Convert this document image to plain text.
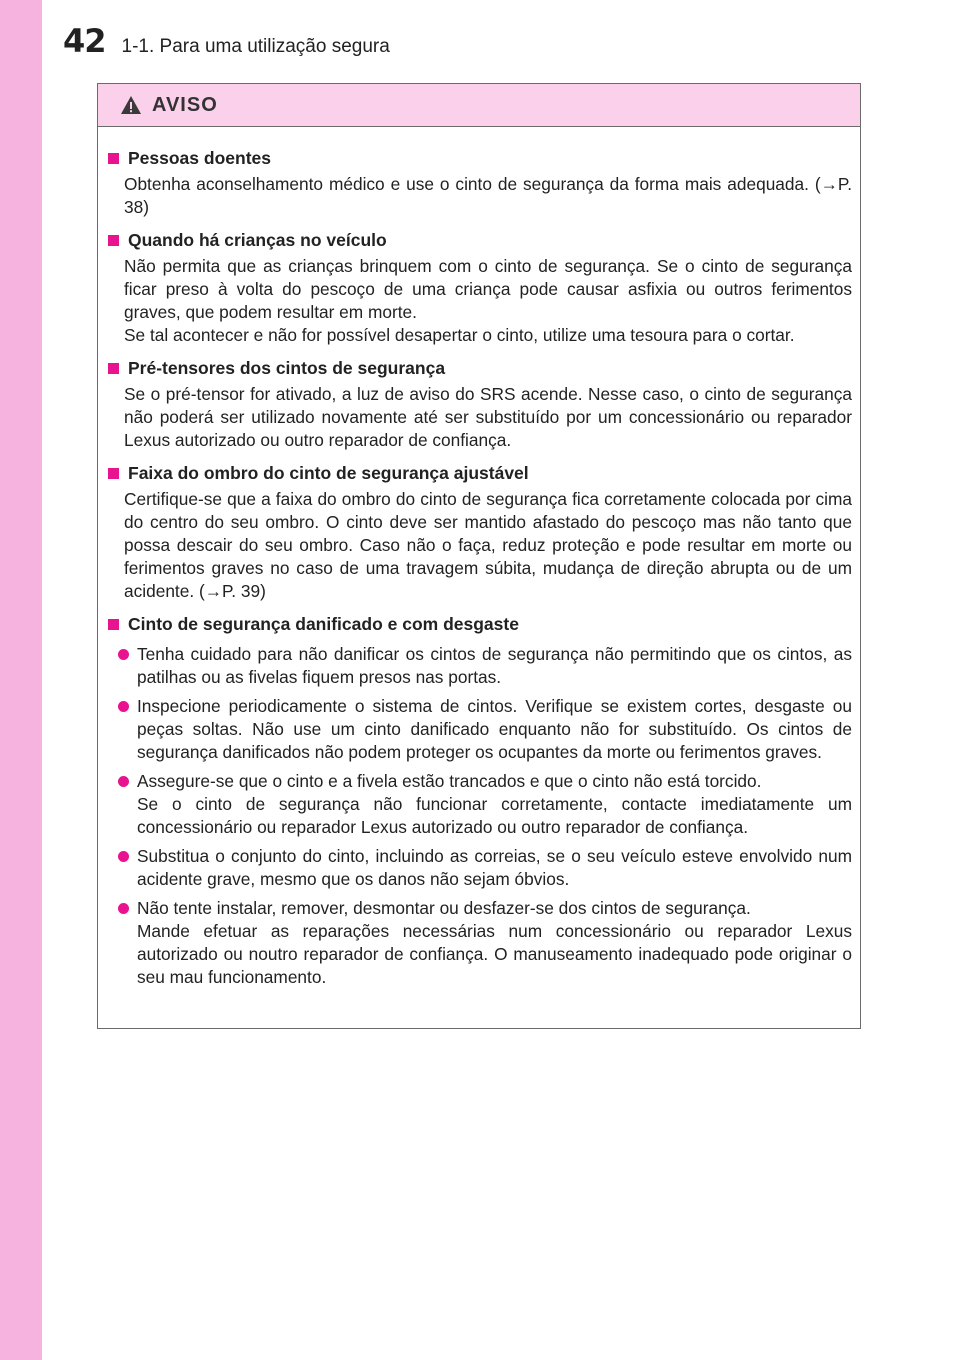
42 1-1. Para uma utilização segura
AVISO
Pessoas doentes
Obtenha aconselhamento médico e use o cinto de segurança da forma mais adequada. (→P. 38)
Quando há crianças no veículo
Não permita que as crianças brinquem com o cinto de segurança. Se o cinto de segurança ficar preso à volta do pescoço de uma criança pode causar asfixia ou outros ferimentos graves, que podem resultar em morte.
Se tal acontecer e não for possível desapertar o cinto, utilize uma tesoura para o cortar.
Pré-tensores dos cintos de segurança
Se o pré-tensor for ativado, a luz de aviso do SRS acende. Nesse caso, o cinto de segurança não poderá ser utilizado novamente até ser substituído por um concessionário ou reparador Lexus autorizado ou outro reparador de confiança.
Faixa do ombro do cinto de segurança ajustável
Certifique-se que a faixa do ombro do cinto de segurança fica corretamente colocada por cima do centro do seu ombro. O cinto deve ser mantido afastado do pescoço mas não tanto que possa descair do seu ombro. Caso não o faça, reduz proteção e pode resultar em morte ou ferimentos graves no caso de uma travagem súbita, mudança de direção abrupta ou de um acidente. (→P. 39)
Cinto de segurança danificado e com desgaste
Tenha cuidado para não danificar os cintos de segurança não permitindo que os cintos, as patilhas ou as fivelas fiquem presos nas portas.
Inspecione periodicamente o sistema de cintos. Verifique se existem cortes, desgaste ou peças soltas. Não use um cinto danificado enquanto não for substituído. Os cintos de segurança danificados não podem proteger os ocupantes da morte ou ferimentos graves.
Assegure-se que o cinto e a fivela estão trancados e que o cinto não está torcido.
Se o cinto de segurança não funcionar corretamente, contacte imediatamente um concessionário ou reparador Lexus autorizado ou outro reparador de confiança.
Substitua o conjunto do cinto, incluindo as correias, se o seu veículo esteve envolvido num acidente grave, mesmo que os danos não sejam óbvios.
Não tente instalar, remover, desmontar ou desfazer-se dos cintos de segurança.
Mande efetuar as reparações necessárias num concessionário ou reparador Lexus autorizado ou noutro reparador de confiança. O manuseamento inadequado pode originar o seu mau funcionamento.
